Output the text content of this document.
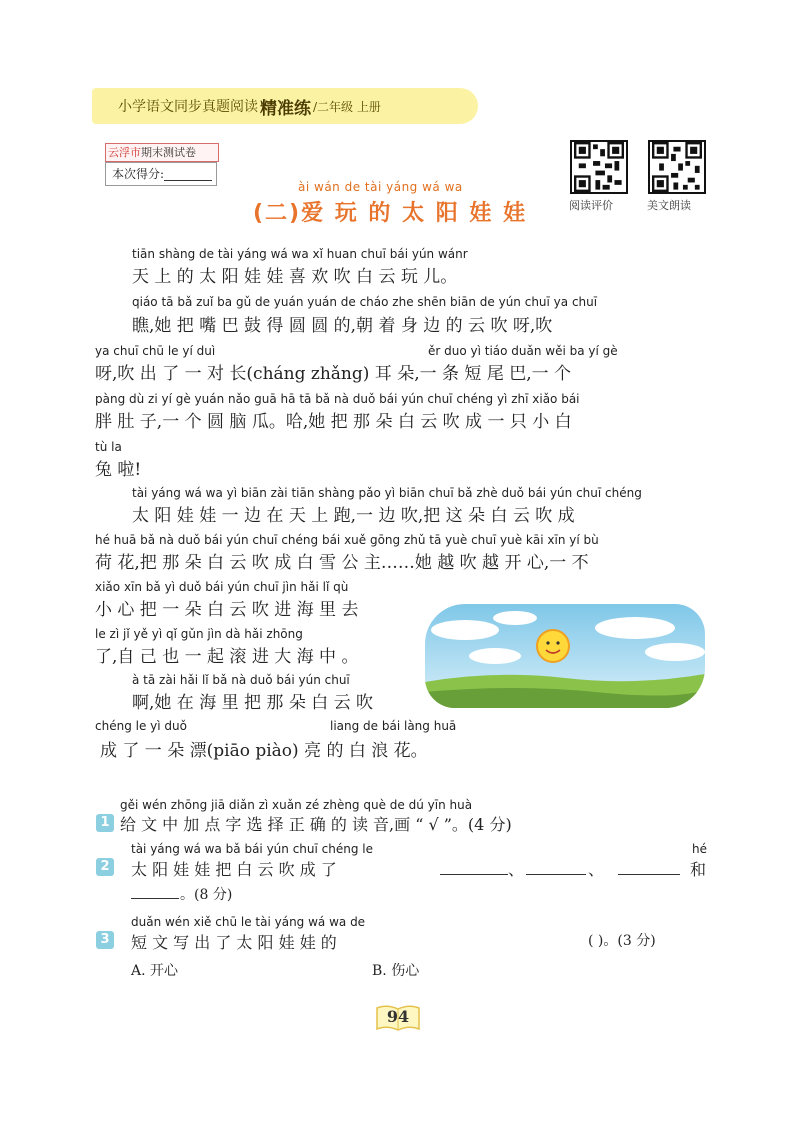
小学语文同步真题阅读 精准练 /二年级 上册
云浮市期末测试卷
本次得分:
阅读评价	美文朗读
ài wán de tài yáng wá wa
(二)爱 玩 的 太 阳 娃 娃
tiān shàng de tài yáng wá wa xǐ huan chuī bái yún wánr
天 上 的 太 阳 娃 娃 喜 欢 吹 白 云 玩 儿。
qiáo tā bǎ zuǐ ba gǔ de yuán yuán de cháo zhe shēn biān de yún chuī ya chuī
瞧,她 把 嘴 巴 鼓 得 圆 圆 的,朝 着 身 边 的 云 吹 呀,吹
ya chuī chū le yí duì	ěr duo yì tiáo duǎn wěi ba yí gè
呀,吹 出 了 一 对 长(cháng zhǎng) 耳 朵,一 条 短 尾 巴,一 个
pàng dù zi yí gè yuán nǎo guā hā tā bǎ nà duǒ bái yún chuī chéng yì zhī xiǎo bái
胖 肚 子,一 个 圆 脑 瓜。哈,她 把 那 朵 白 云 吹 成 一 只 小 白
tù la
兔 啦!
tài yáng wá wa yì biān zài tiān shàng pǎo yì biān chuī bǎ zhè duǒ bái yún chuī chéng
太 阳 娃 娃 一 边 在 天 上 跑,一 边 吹,把 这 朵 白 云 吹 成
hé huā bǎ nà duǒ bái yún chuī chéng bái xuě gōng zhǔ tā yuè chuī yuè kāi xīn yí bù
荷 花,把 那 朵 白 云 吹 成 白 雪 公 主……她 越 吹 越 开 心,一 不
xiǎo xīn bǎ yì duǒ bái yún chuī jìn hǎi lǐ qù
小 心 把 一 朵 白 云 吹 进 海 里 去
le zì jǐ yě yì qǐ gǔn jìn dà hǎi zhōng
了,自 己 也 一 起 滚 进 大 海 中 。
à tā zài hǎi lǐ bǎ nà duǒ bái yún chuī
啊,她 在 海 里 把 那 朵 白 云 吹
chéng le yì duǒ	liang de bái làng huā
成 了 一 朵 漂(piāo piào) 亮 的 白 浪 花。
gěi wén zhōng jiā diǎn zì xuǎn zé zhèng què de dú yīn huà
1 给 文 中 加 点 字 选 择 正 确 的 读 音,画 “ √ ”。(4 分)
tài yáng wá wa bǎ bái yún chuī chéng le	hé
2 太 阳 娃 娃 把 白 云 吹 成 了	、	、	和
。(8 分)
duǎn wén xiě chū le tài yáng wá wa de
3 短 文 写 出 了 太 阳 娃 娃 的	( )。(3 分)
A. 开心	B. 伤心
94
